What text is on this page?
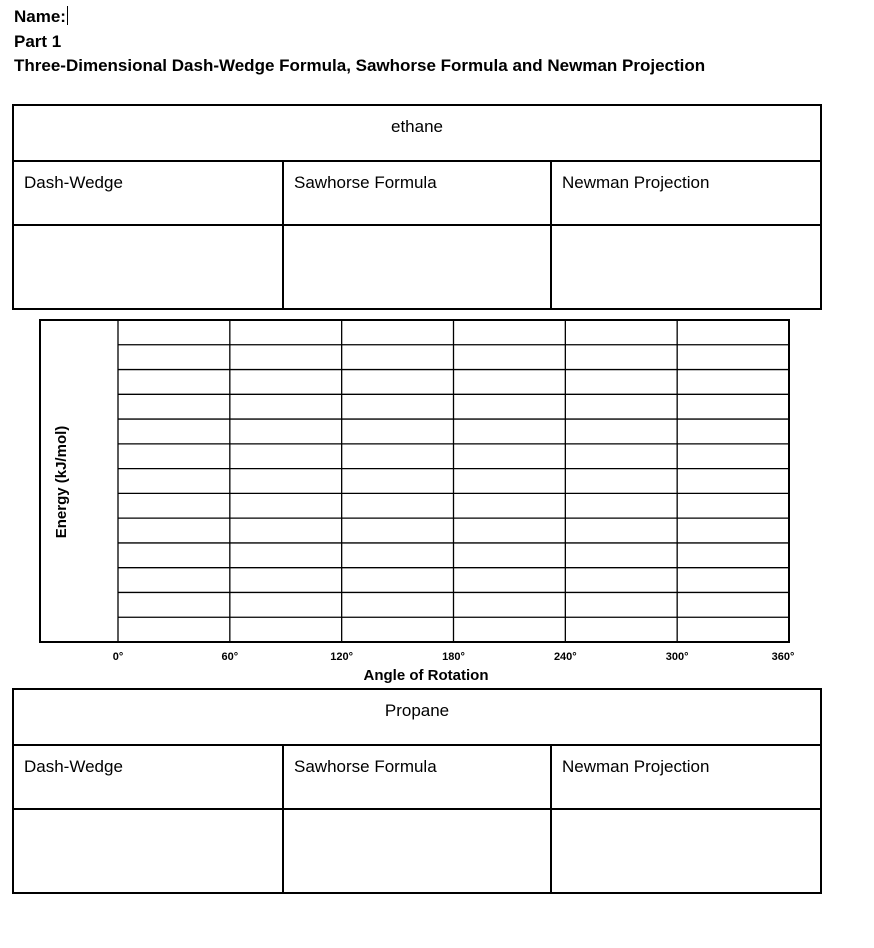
Name:
Part 1
Three-Dimensional Dash-Wedge Formula, Sawhorse Formula and Newman Projection
ethane		

Dash-Wedge	Sawhorse Formula	Newman Projection

0°	60°	120°	180°	240°	300°	360°
Energy (kJ/mol)
Angle of Rotation
Propane		

Dash-Wedge	Sawhorse Formula	Newman Projection
